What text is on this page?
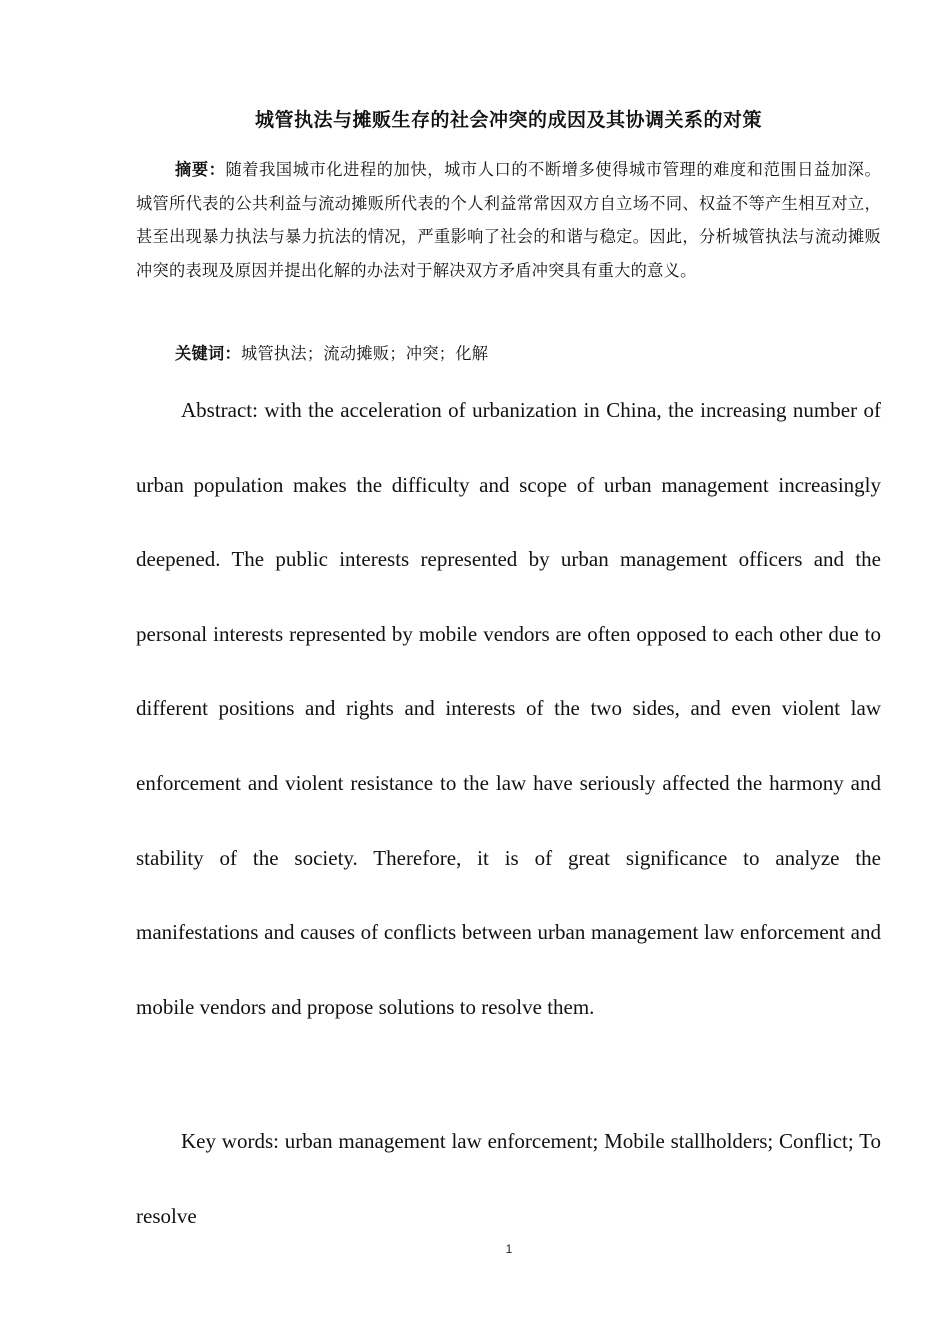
城管执法与摊贩生存的社会冲突的成因及其协调关系的对策
摘要：随着我国城市化进程的加快，城市人口的不断增多使得城市管理的难度和范围日益加深。城管所代表的公共利益与流动摊贩所代表的个人利益常常因双方自立场不同、权益不等产生相互对立，甚至出现暴力执法与暴力抗法的情况，严重影响了社会的和谐与稳定。因此，分析城管执法与流动摊贩冲突的表现及原因并提出化解的办法对于解决双方矛盾冲突具有重大的意义。
关键词：城管执法；流动摊贩；冲突；化解
Abstract: with the acceleration of urbanization in China, the increasing number of urban population makes the difficulty and scope of urban management increasingly deepened. The public interests represented by urban management officers and the personal interests represented by mobile vendors are often opposed to each other due to different positions and rights and interests of the two sides, and even violent law enforcement and violent resistance to the law have seriously affected the harmony and stability of the society. Therefore, it is of great significance to analyze the manifestations and causes of conflicts between urban management law enforcement and mobile vendors and propose solutions to resolve them.
Key words: urban management law enforcement; Mobile stallholders; Conflict; To resolve
1
